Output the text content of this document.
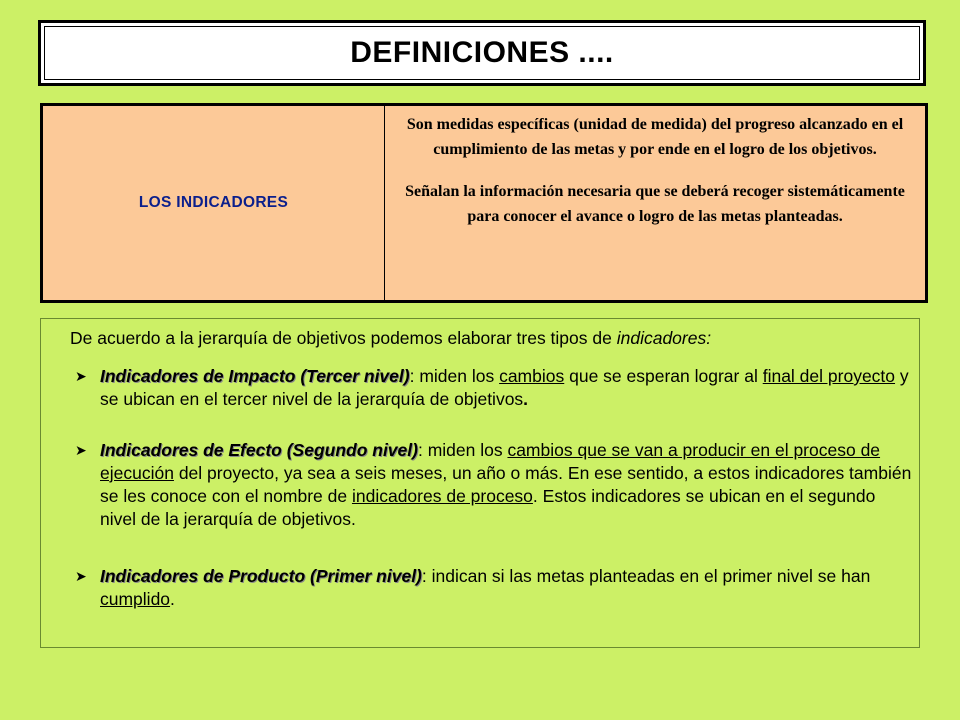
DEFINICIONES ....
LOS INDICADORES

Son medidas específicas (unidad de medida) del progreso alcanzado en el cumplimiento de las metas y por ende en el logro de los objetivos.

Señalan la información necesaria que se deberá recoger sistemáticamente para conocer el avance o logro de las metas planteadas.

De acuerdo a la jerarquía de objetivos podemos elaborar tres tipos de indicadores:

➤ Indicadores de Impacto (Tercer nivel): miden los cambios que se esperan lograr al final del proyecto y se ubican en el tercer nivel de la jerarquía de objetivos.
➤ Indicadores de Efecto (Segundo nivel): miden los cambios que se van a producir en el proceso de ejecución del proyecto, ya sea a seis meses, un año o más. En ese sentido, a estos indicadores también se les conoce con el nombre de indicadores de proceso. Estos indicadores se ubican en el segundo nivel de la jerarquía de objetivos.
➤ Indicadores de Producto (Primer nivel): indican si las metas planteadas en el primer nivel se han cumplido.
